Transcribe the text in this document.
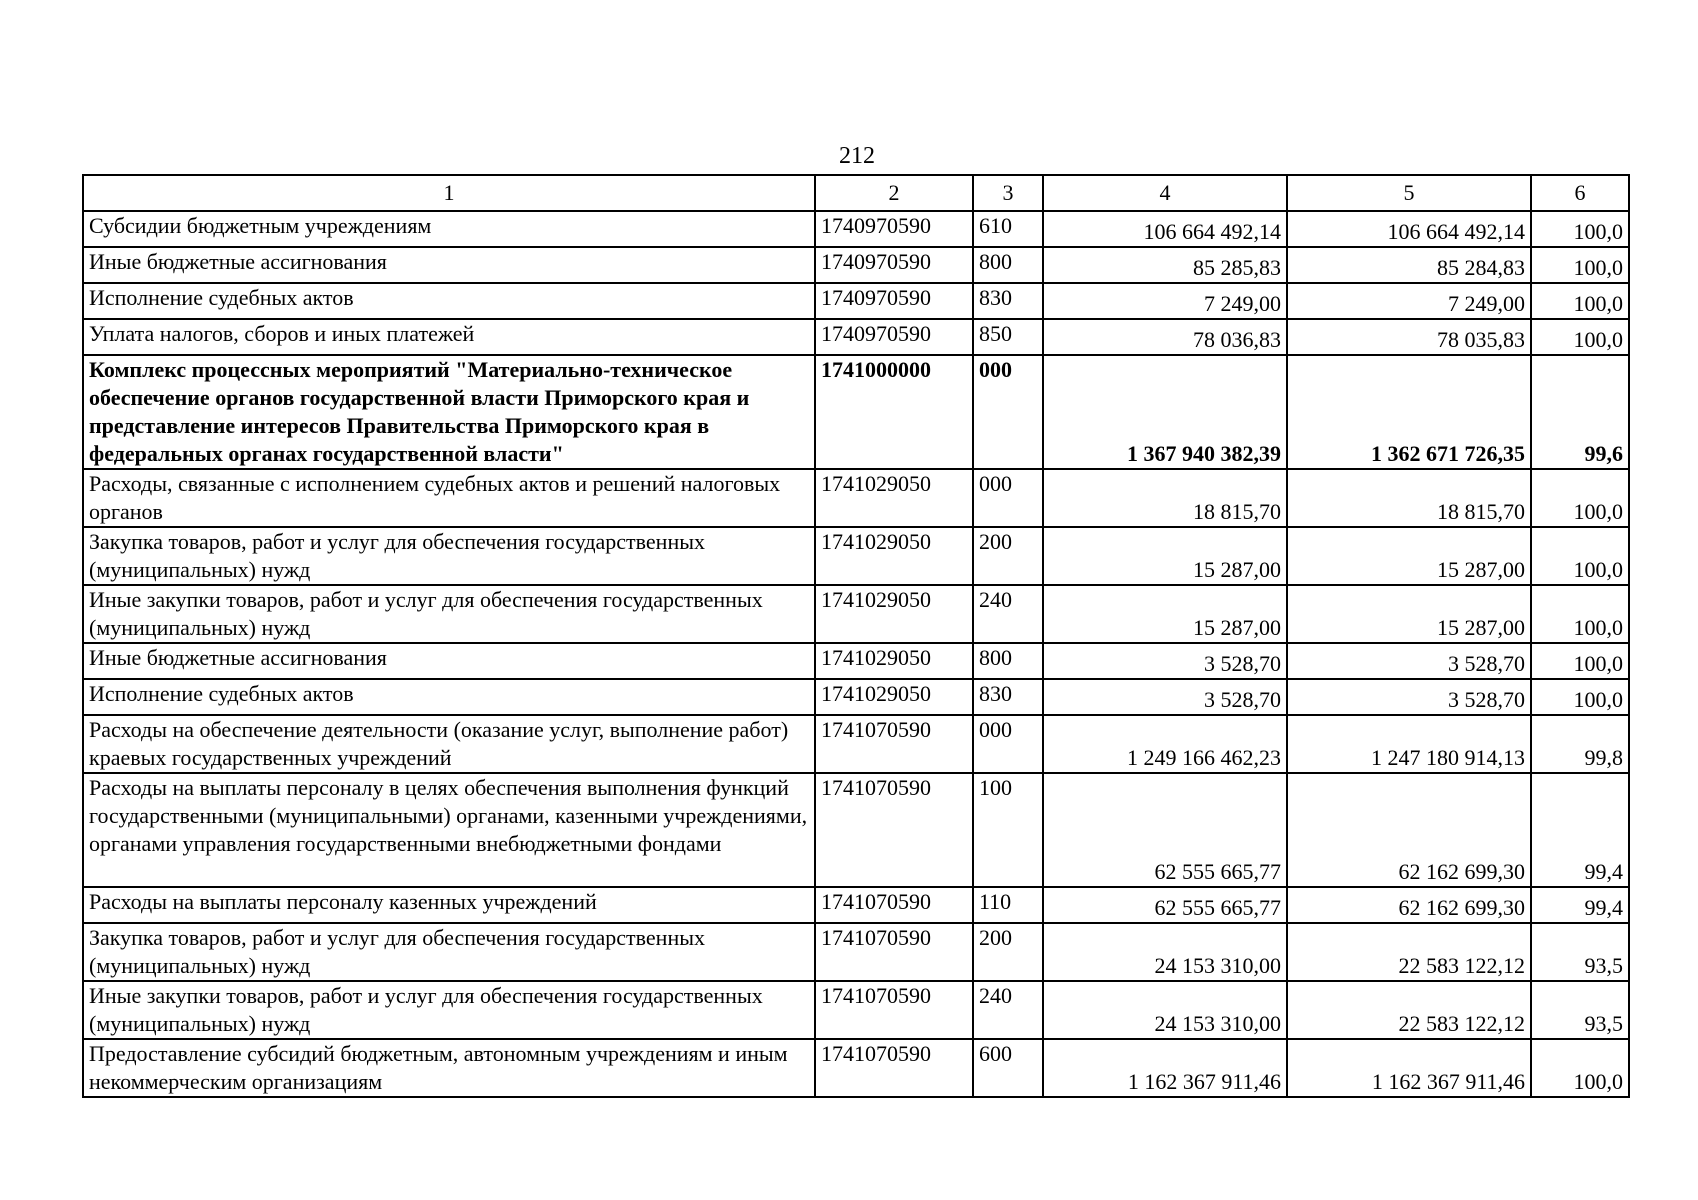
212
1	2	3	4	5	6
Субсидии бюджетным учреждениям	1740970590	610	106 664 492,14	106 664 492,14	100,0
Иные бюджетные ассигнования	1740970590	800	85 285,83	85 284,83	100,0
Исполнение судебных актов	1740970590	830	7 249,00	7 249,00	100,0
Уплата налогов, сборов и иных платежей	1740970590	850	78 036,83	78 035,83	100,0
Комплекс процессных мероприятий "Материально-техническое обеспечение органов государственной власти Приморского края и представление интересов Правительства Приморского края в федеральных органах государственной власти"	1741000000	000	1 367 940 382,39	1 362 671 726,35	99,6
Расходы, связанные с исполнением судебных актов и решений налоговых органов	1741029050	000	18 815,70	18 815,70	100,0
Закупка товаров, работ и услуг для обеспечения государственных (муниципальных) нужд	1741029050	200	15 287,00	15 287,00	100,0
Иные закупки товаров, работ и услуг для обеспечения государственных (муниципальных) нужд	1741029050	240	15 287,00	15 287,00	100,0
Иные бюджетные ассигнования	1741029050	800	3 528,70	3 528,70	100,0
Исполнение судебных актов	1741029050	830	3 528,70	3 528,70	100,0
Расходы на обеспечение деятельности (оказание услуг, выполнение работ) краевых государственных учреждений	1741070590	000	1 249 166 462,23	1 247 180 914,13	99,8
Расходы на выплаты персоналу в целях обеспечения выполнения функций государственными (муниципальными) органами, казенными учреждениями, органами управления государственными внебюджетными фондами	1741070590	100	62 555 665,77	62 162 699,30	99,4
Расходы на выплаты персоналу казенных учреждений	1741070590	110	62 555 665,77	62 162 699,30	99,4
Закупка товаров, работ и услуг для обеспечения государственных (муниципальных) нужд	1741070590	200	24 153 310,00	22 583 122,12	93,5
Иные закупки товаров, работ и услуг для обеспечения государственных (муниципальных) нужд	1741070590	240	24 153 310,00	22 583 122,12	93,5
Предоставление субсидий бюджетным, автономным учреждениям и иным некоммерческим организациям	1741070590	600	1 162 367 911,46	1 162 367 911,46	100,0
